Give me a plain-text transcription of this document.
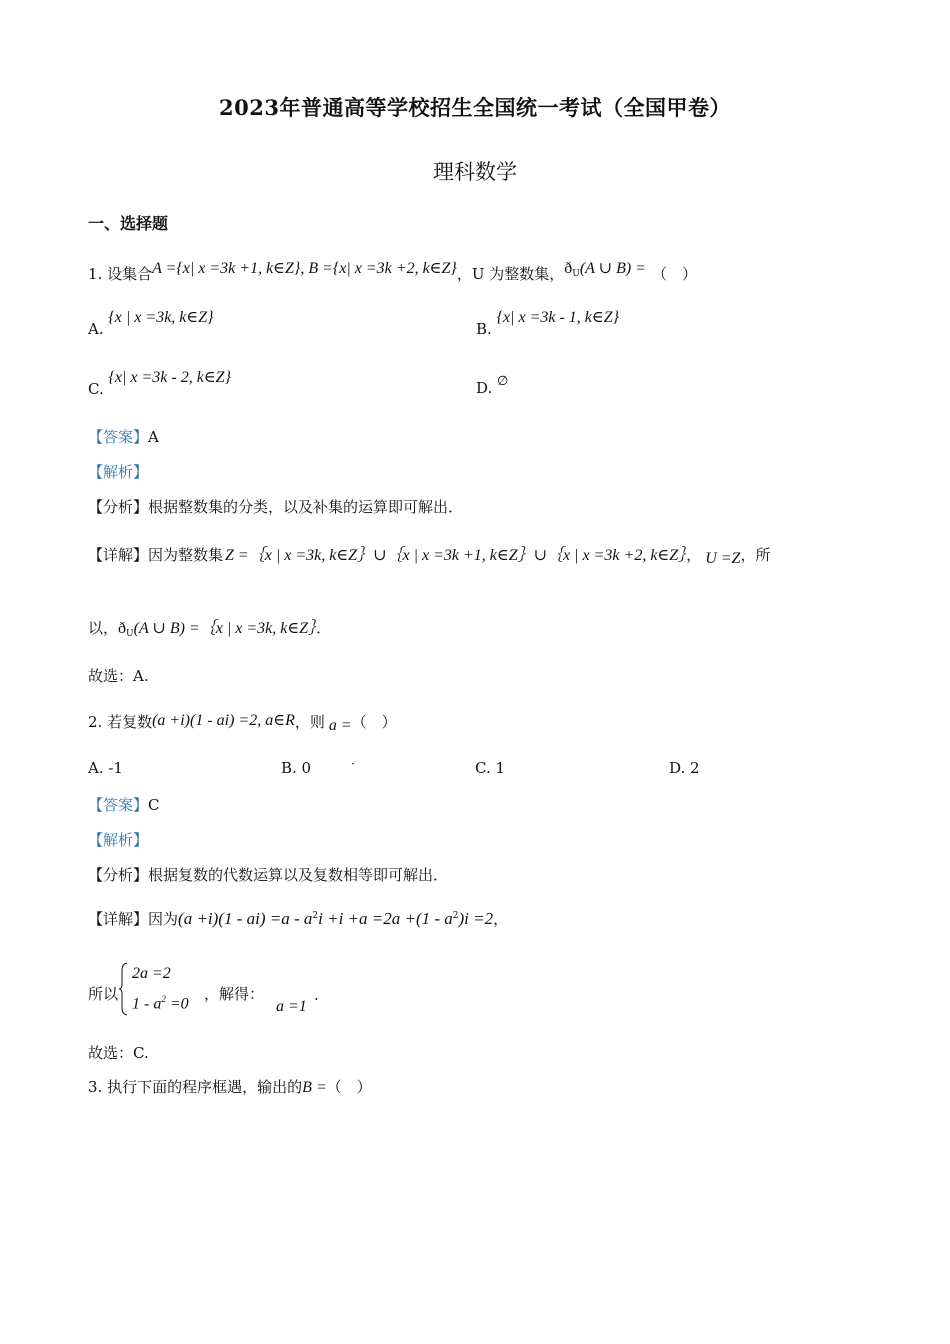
2023年普通高等学校招生全国统一考试（全国甲卷）
理科数学
一、选择题
1. 设集合A ={x| x =3k +1, k∈Z}, B ={x| x =3k +2, k∈Z}，U 为整数集，$ð^U(A$ ∪ B) = （　）
A. {x | x =3k, k∈Z}
B. {x| x =3k - 1, k∈Z}
C. {x| x =3k - 2, k∈Z}
D. ∅
【答案】A
【解析】
【分析】根据整数集的分类，以及补集的运算即可解出．
【详解】因为整数集 Z =｛x | x =3k, k∈Z｝∪｛x | x =3k +1, k∈Z｝∪｛x | x =3k +2, k∈Z｝， U =Z，所
以，$ð_U(A$ ∪ B) =｛x | x =3k, k∈Z｝．
故选：A.
2. 若复数(a +i)(1 - ai) =2, a∈R，则 a =（　）
A. -1	B. 0	·	C. 1	D. 2
【答案】C
【解析】
【分析】根据复数的代数运算以及复数相等即可解出．
【详解】因为$(a +i)(1 - ai) =a - a^2i +i +a =2a +(1 - a^2)i =2$，
所以
2a =2
$1 - a^2 =0$
，解得：
a =1
.
故选：C.
3. 执行下面的程序框遇，输出的B =（　）
